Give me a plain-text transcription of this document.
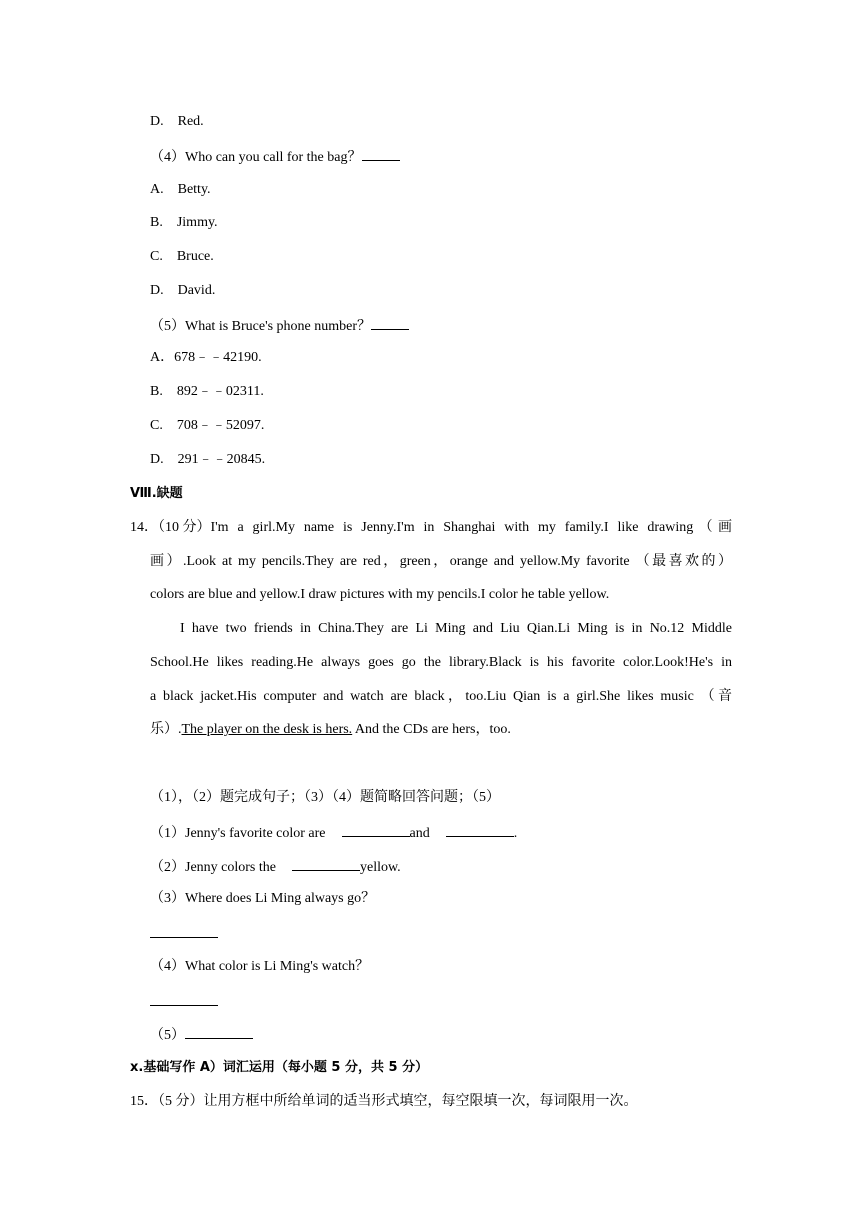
D.　Red.
（4）Who can you call for the bag？
A.　Betty.
B.　Jimmy.
C.　Bruce.
D.　David.
（5）What is Bruce's phone number？
A．678﹣﹣42190.
B.　892﹣﹣02311.
C.　708﹣﹣52097.
D.　291﹣﹣20845.
Ⅷ.缺题
14．（10 分） I'm a girl.My name is Jenny.I'm in Shanghai with my family.I like drawing（画
画）.Look at my pencils.They are red，green，orange and yellow.My favorite （最喜欢的）
colors are blue and yellow.I draw pictures with my pencils.I color he table yellow.
I have two friends in China.They are Li Ming and Liu Qian.Li Ming is in No.12 Middle
School.He likes reading.He always goes go the library.Black is his favorite color.Look!He's in
a black jacket.His computer and watch are black，too.Liu Qian is a girl.She likes music （音
乐）.The player on the desk is hers. And the CDs are hers，too.
（1），（2）题完成句子；（3）（4）题简略回答问题；（5）
（1）Jenny's favorite color are	and	.
（2）Jenny colors the	yellow.
（3）Where does Li Ming always go？
（4）What color is Li Ming's watch？
（5）
x.基础写作 A）词汇运用（每小题 5 分，共 5 分）
15．（5 分）让用方框中所给单词的适当形式填空，每空限填一次，每词限用一次。
